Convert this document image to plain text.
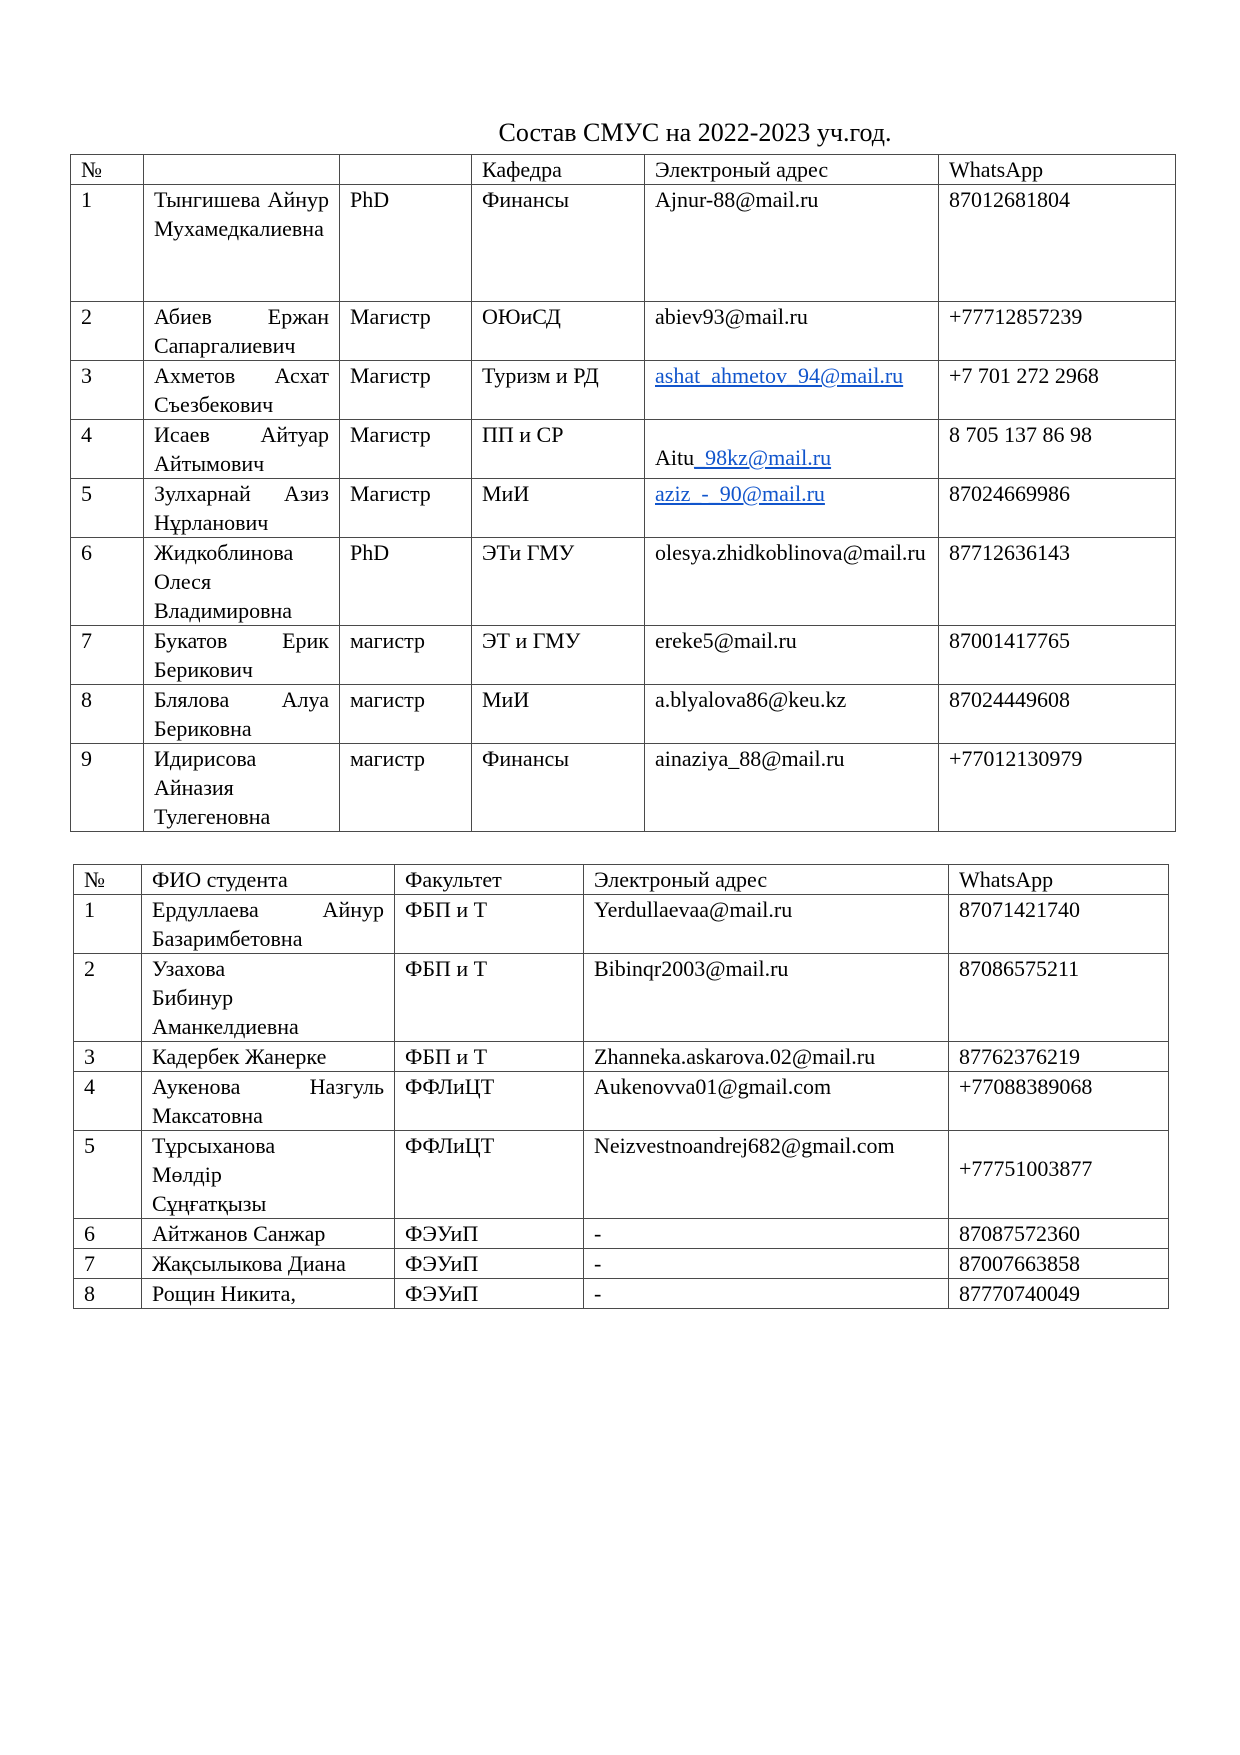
Состав СМУС на 2022-2023 уч.год.
№			Кафедра	Электроный адрес	WhatsApp
1	Тынгишева Айнур Мухамедкалиевна	PhD	Финансы	Ajnur-88@mail.ru	87012681804
2	Абиев Ержан Сапаргалиевич	Магистр	ОЮиСД	abiev93@mail.ru	+77712857239
3	Ахметов Асхат Съезбекович	Магистр	Туризм и РД	ashat_ahmetov_94@mail.ru	+7 701 272 2968
4	Исаев Айтуар Айтымович	Магистр	ПП и СР	Aitu_98kz@mail.ru	8 705 137 86 98
5	Зулхарнай Азиз Нұрланович	Магистр	МиИ	aziz_-_90@mail.ru	87024669986
6	Жидкоблинова Олеся Владимировна	PhD	ЭТи ГМУ	olesya.zhidkoblinova@mail.ru	87712636143
7	Букатов Ерик Берикович	магистр	ЭТ и ГМУ	ereke5@mail.ru	87001417765
8	Блялова Алуа Бериковна	магистр	МиИ	a.blyalova86@keu.kz	87024449608
9	Идирисова Айназия Тулегеновна	магистр	Финансы	ainaziya_88@mail.ru	+77012130979
№	ФИО студента	Факультет	Электроный адрес	WhatsApp
1	Ердуллаева Айнур Базаримбетовна	ФБП и Т	Yerdullaevaa@mail.ru	87071421740
2	Узахова Бибинур Аманкелдиевна	ФБП и Т	Bibinqr2003@mail.ru	87086575211
3	Кадербек Жанерке	ФБП и Т	Zhanneka.askarova.02@mail.ru	87762376219
4	Аукенова Назгуль Максатовна	ФФЛиЦТ	Aukenovva01@gmail.com	+77088389068
5	Тұрсыханова Мөлдір Сұңғатқызы	ФФЛиЦТ	Neizvestnoandrej682@gmail.com	+77751003877
6	Айтжанов Санжар	ФЭУиП	-	87087572360
7	Жақсылыкова Диана	ФЭУиП	-	87007663858
8	Рощин Никита,	ФЭУиП	-	87770740049
